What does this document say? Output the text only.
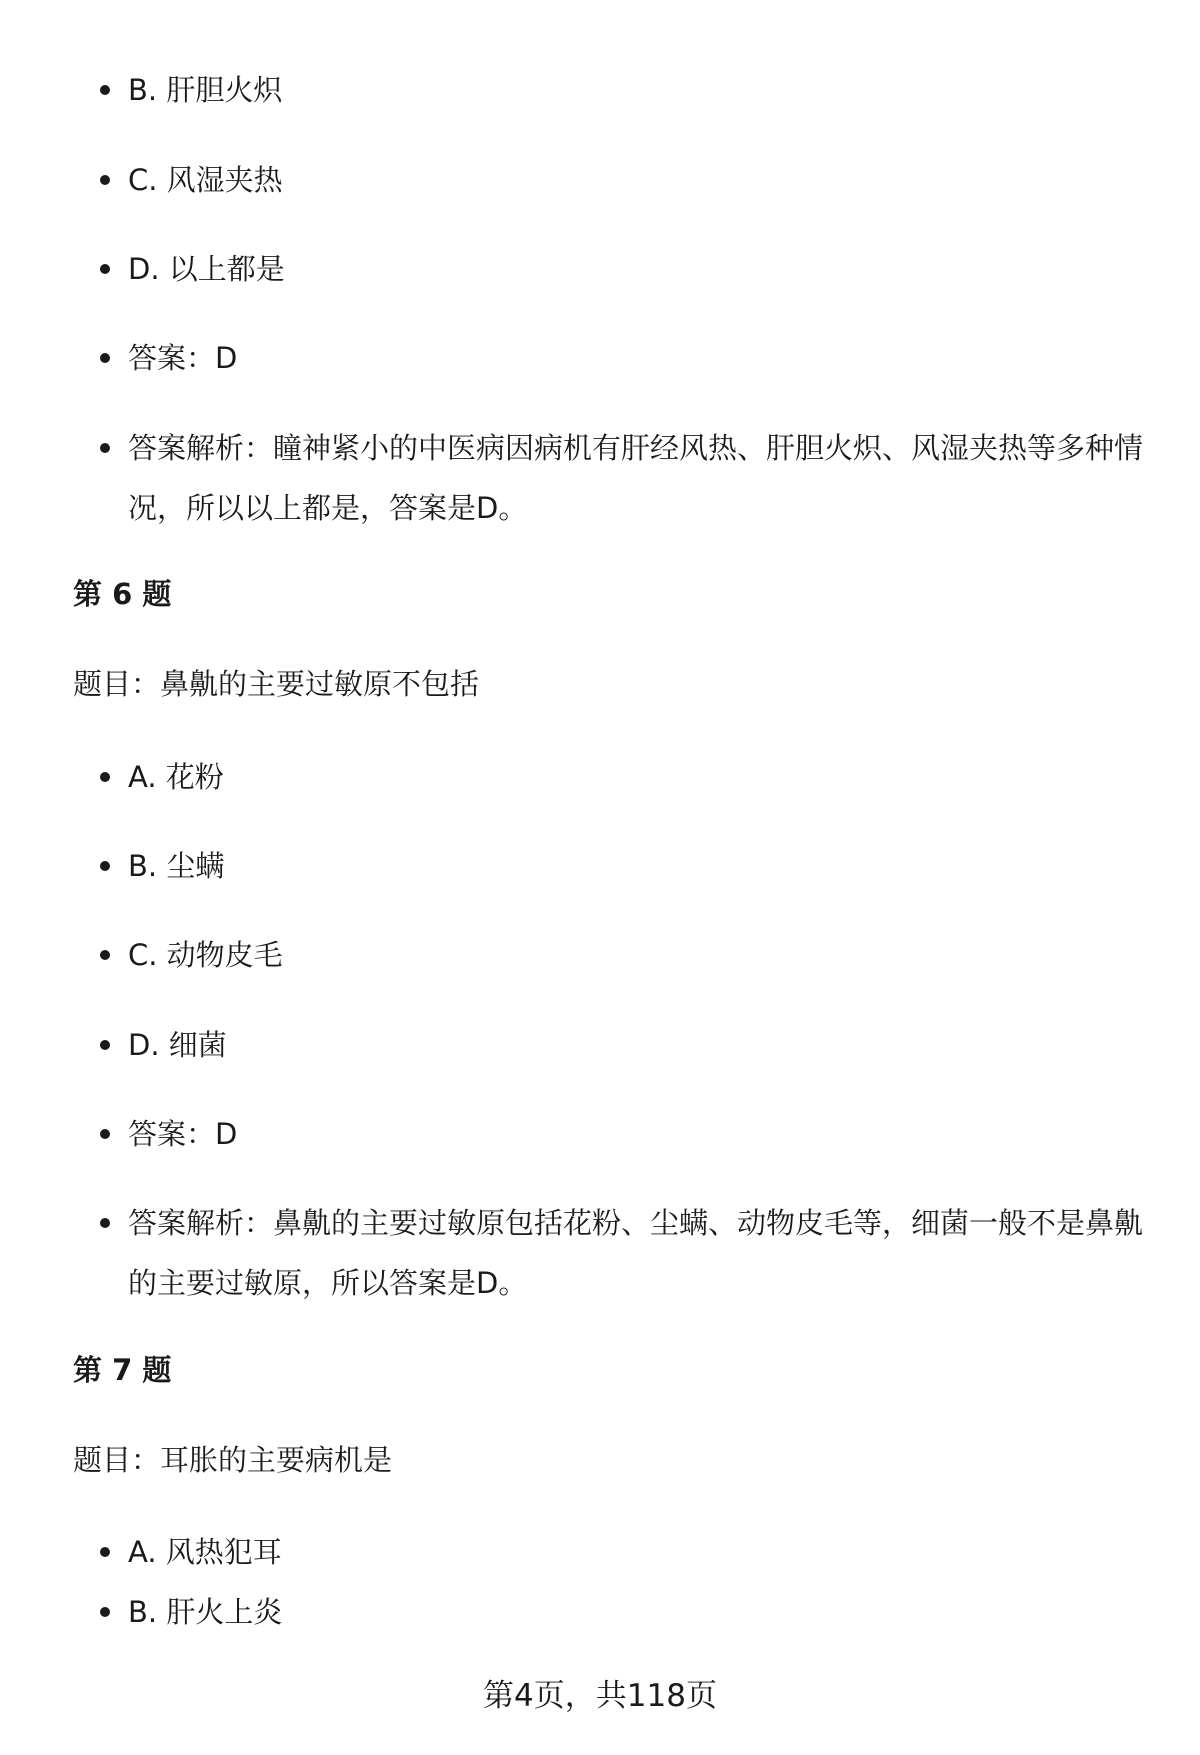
B. 肝胆火炽
C. 风湿夹热
D. 以上都是
答案：D
答案解析：瞳神紧小的中医病因病机有肝经风热、肝胆火炽、风湿夹热等多种情况，所以以上都是，答案是D。
第 6 题
题目：鼻鼽的主要过敏原不包括
A. 花粉
B. 尘螨
C. 动物皮毛
D. 细菌
答案：D
答案解析：鼻鼽的主要过敏原包括花粉、尘螨、动物皮毛等，细菌一般不是鼻鼽的主要过敏原，所以答案是D。
第 7 题
题目：耳胀的主要病机是
A. 风热犯耳
B. 肝火上炎
第4页，共118页
